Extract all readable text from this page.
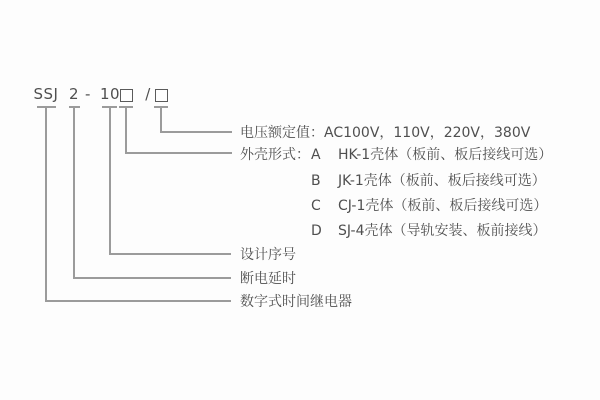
SSJ 2 - 10 /
电压额定值：AC100V，110V，220V，380V
外壳形式： A HK-1壳体（板前、板后接线可选）
B JK-1壳体（板前、板后接线可选）
C CJ-1壳体（板前、板后接线可选）
D SJ-4壳体（导轨安装、板前接线）
设计序号
断电延时
数字式时间继电器
